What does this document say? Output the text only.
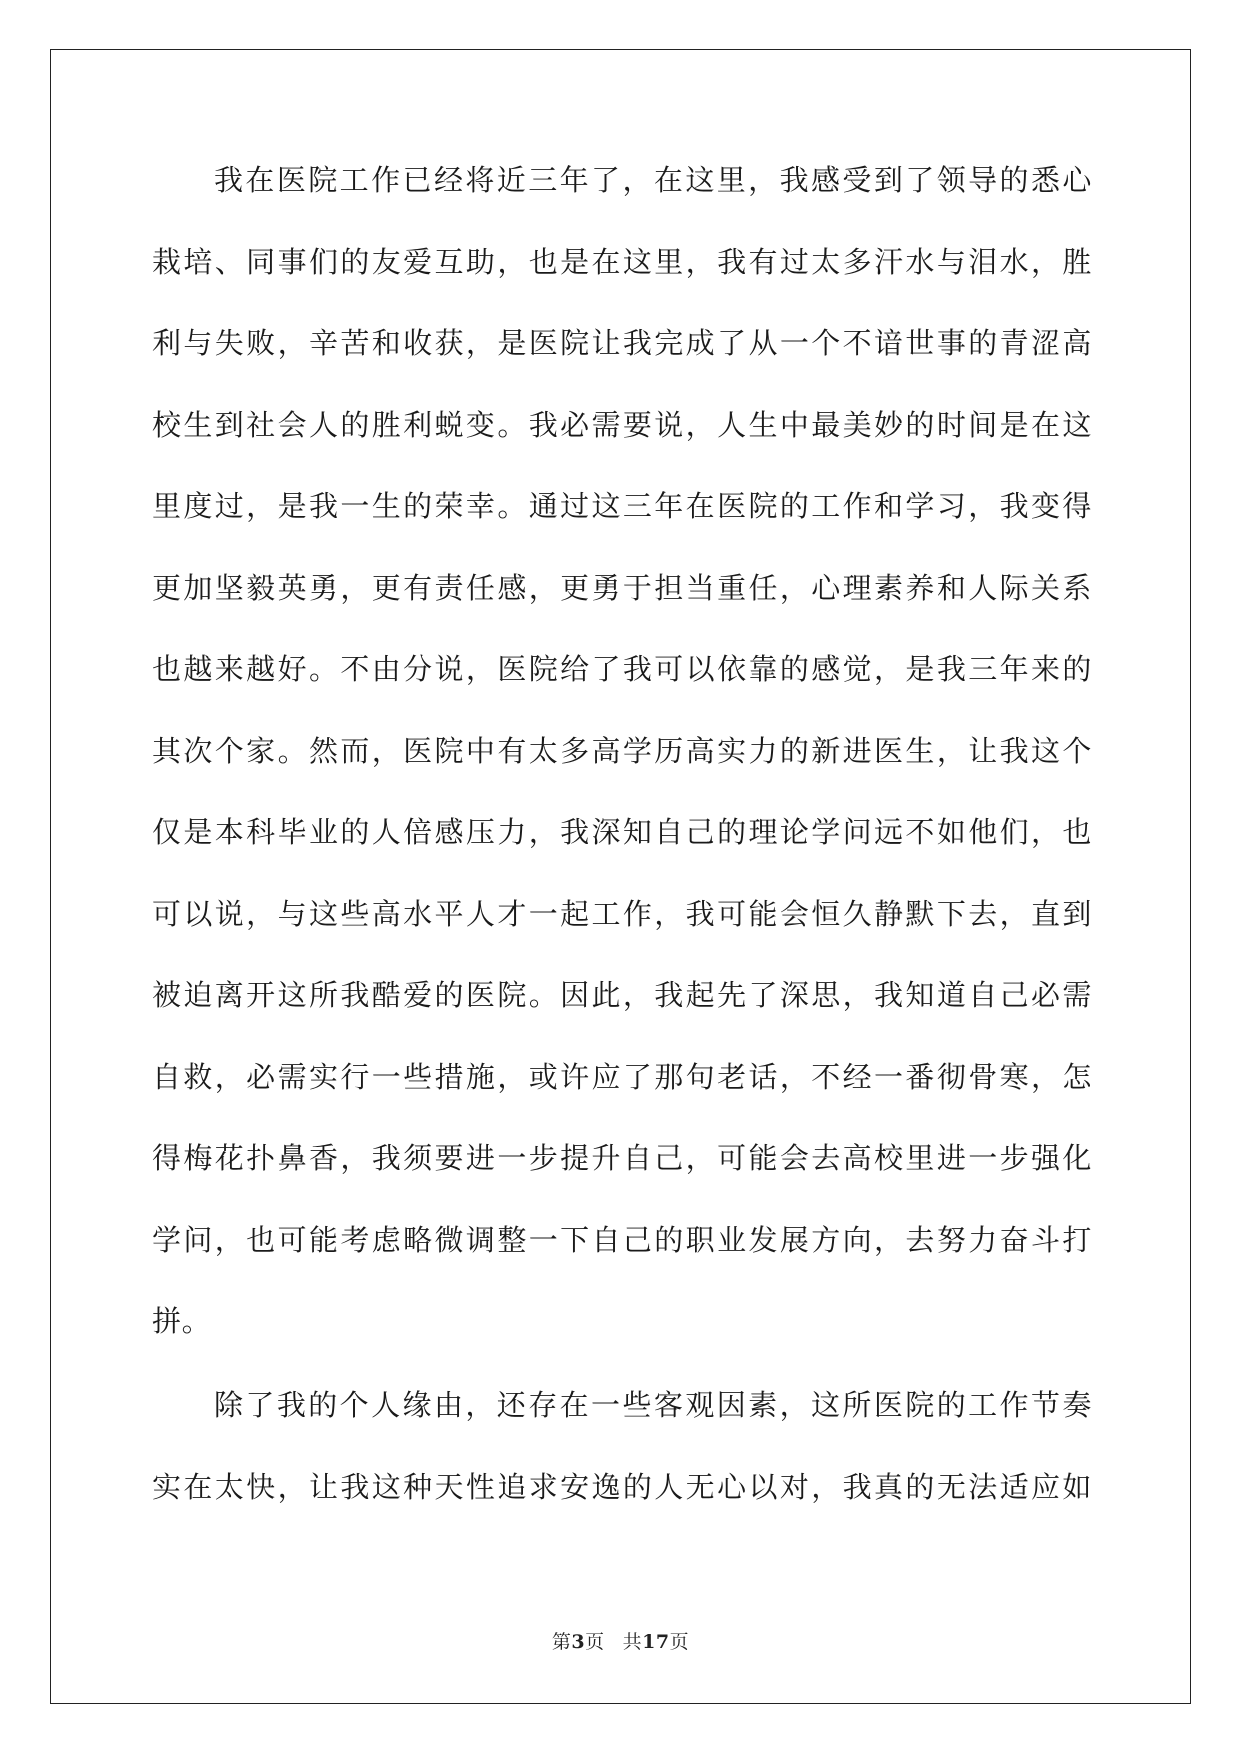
我在医院工作已经将近三年了，在这里，我感受到了领导的悉心
栽培、同事们的友爱互助，也是在这里，我有过太多汗水与泪水，胜
利与失败，辛苦和收获，是医院让我完成了从一个不谙世事的青涩高
校生到社会人的胜利蜕变。我必需要说，人生中最美妙的时间是在这
里度过，是我一生的荣幸。通过这三年在医院的工作和学习，我变得
更加坚毅英勇，更有责任感，更勇于担当重任，心理素养和人际关系
也越来越好。不由分说，医院给了我可以依靠的感觉，是我三年来的
其次个家。然而，医院中有太多高学历高实力的新进医生，让我这个
仅是本科毕业的人倍感压力，我深知自己的理论学问远不如他们，也
可以说，与这些高水平人才一起工作，我可能会恒久静默下去，直到
被迫离开这所我酷爱的医院。因此，我起先了深思，我知道自己必需
自救，必需实行一些措施，或许应了那句老话，不经一番彻骨寒，怎
得梅花扑鼻香，我须要进一步提升自己，可能会去高校里进一步强化
学问，也可能考虑略微调整一下自己的职业发展方向，去努力奋斗打
拼。
除了我的个人缘由，还存在一些客观因素，这所医院的工作节奏
实在太快，让我这种天性追求安逸的人无心以对，我真的无法适应如
第3页 共17页
